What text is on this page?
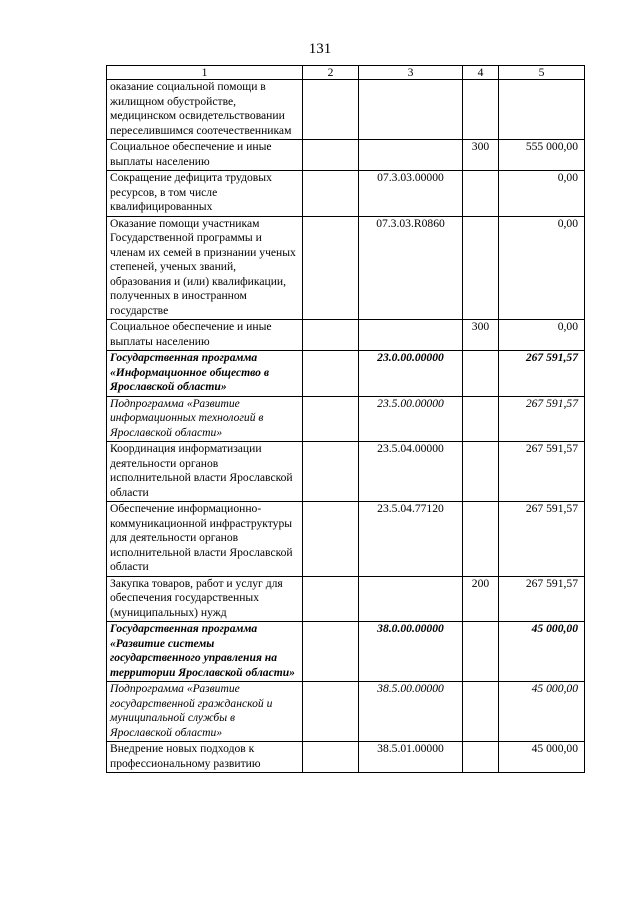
131
1	2	3	4	5
оказание социальной помощи в жилищном обустройстве, медицинском освидетельствовании переселившимся соотечественникам				
Социальное обеспечение и иные выплаты населению			300	555 000,00
Сокращение дефицита трудовых ресурсов, в том числе квалифицированных		07.3.03.00000		0,00
Оказание помощи участникам Государственной программы и членам их семей в признании ученых степеней, ученых званий, образования и (или) квалификации, полученных в иностранном государстве		07.3.03.R0860		0,00
Социальное обеспечение и иные выплаты населению			300	0,00
Государственная программа «Информационное общество в Ярославской области»		23.0.00.00000		267 591,57
Подпрограмма «Развитие информационных технологий в Ярославской области»		23.5.00.00000		267 591,57
Координация информатизации деятельности органов исполнительной власти Ярославской области		23.5.04.00000		267 591,57
Обеспечение информационно-коммуникационной инфраструктуры для деятельности органов исполнительной власти Ярославской области		23.5.04.77120		267 591,57
Закупка товаров, работ и услуг для обеспечения государственных (муниципальных) нужд			200	267 591,57
Государственная программа «Развитие системы государственного управления на территории Ярославской области»		38.0.00.00000		45 000,00
Подпрограмма «Развитие государственной гражданской и муниципальной службы в Ярославской области»		38.5.00.00000		45 000,00
Внедрение новых подходов к профессиональному развитию		38.5.01.00000		45 000,00
